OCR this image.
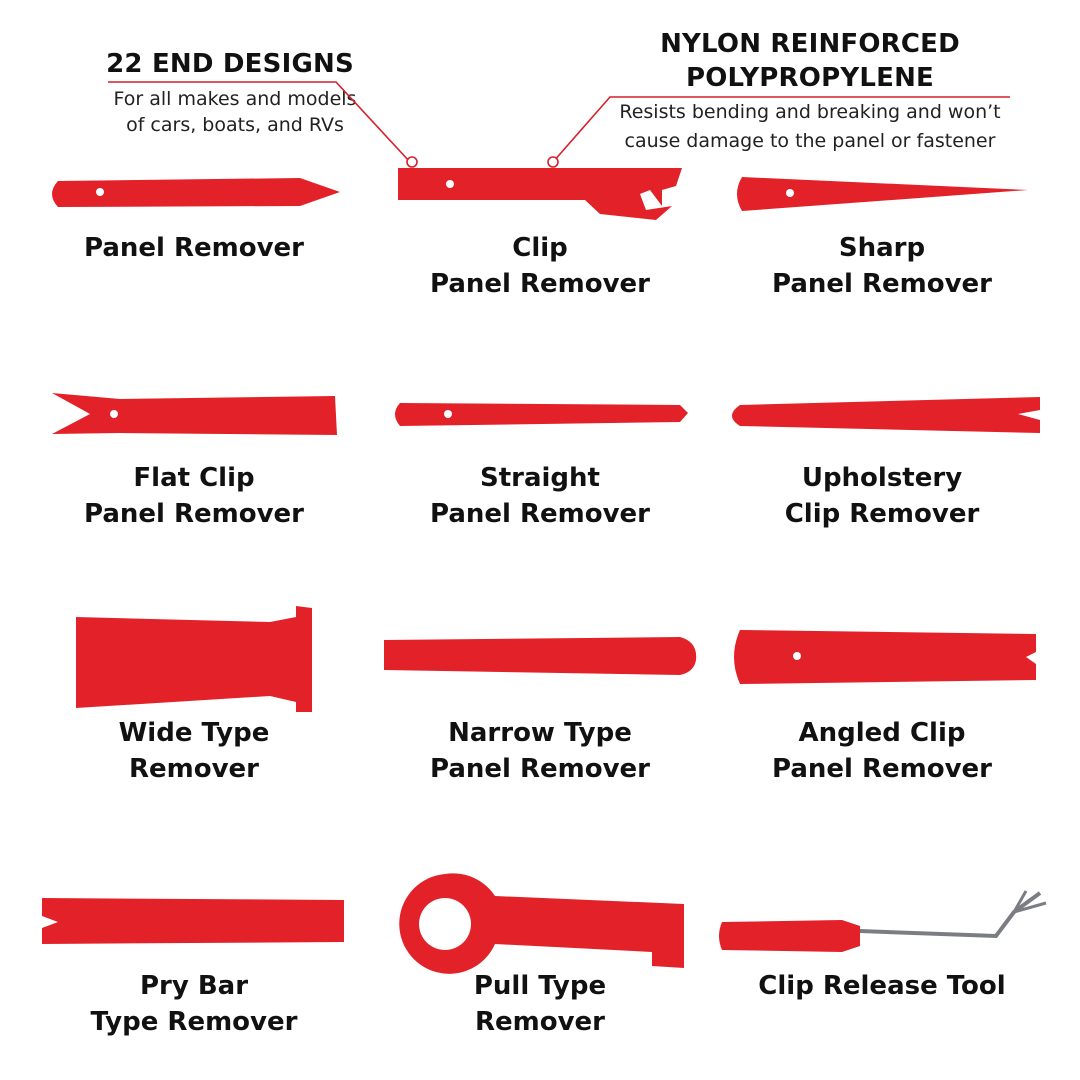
22 END DESIGNS
For all makes and models
of cars, boats, and RVs
NYLON REINFORCED
POLYPROPYLENE
Resists bending and breaking and won’t
cause damage to the panel or fastener
Panel Remover	Clip
Panel Remover
Sharp
Panel Remover
Flat Clip
Panel Remover
Straight
Panel Remover
Upholstery
Clip Remover
Wide Type
Remover
Narrow Type
Panel Remover
Angled Clip
Panel Remover
Pry Bar
Type Remover
Pull Type
Remover
Clip Release Tool
